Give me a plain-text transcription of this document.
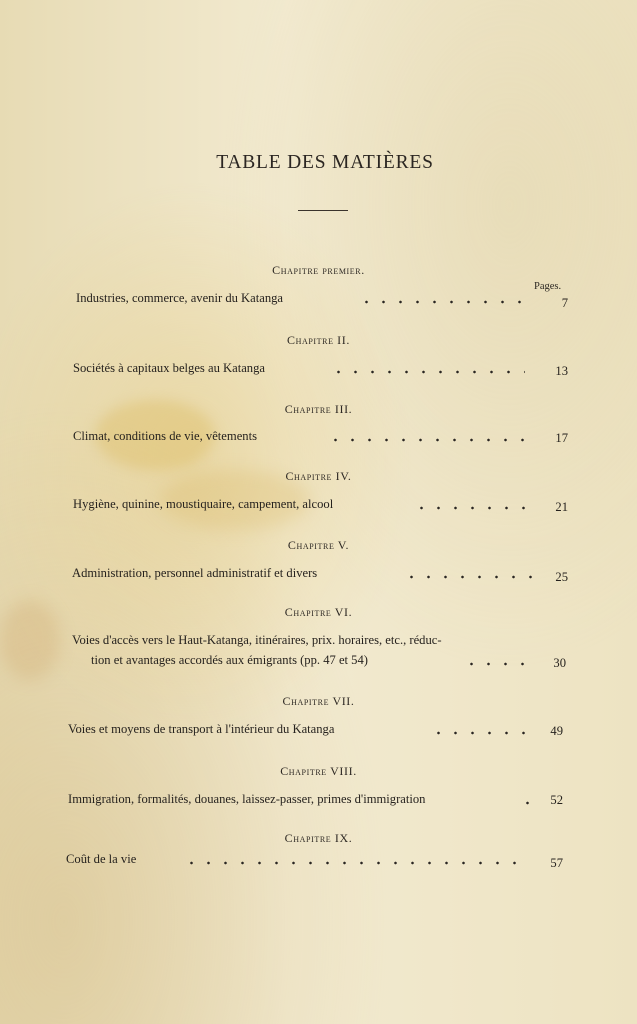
TABLE DES MATIÈRES
Chapitre premier.
Pages.
Industries, commerce, avenir du Katanga	7
Chapitre II.
Sociétés à capitaux belges au Katanga	13
Chapitre III.
Climat, conditions de vie, vêtements	17
Chapitre IV.
Hygiène, quinine, moustiquaire, campement, alcool	21
Chapitre V.
Administration, personnel administratif et divers	25
Chapitre VI.
Voies d'accès vers le Haut-Katanga, itinéraires, prix. horaires, etc., réduc-
tion et avantages accordés aux émigrants (pp. 47 et 54)	30
Chapitre VII.
Voies et moyens de transport à l'intérieur du Katanga	49
Chapitre VIII.
Immigration, formalités, douanes, laissez-passer, primes d'immigration	52
Chapitre IX.
Coût de la vie	57
